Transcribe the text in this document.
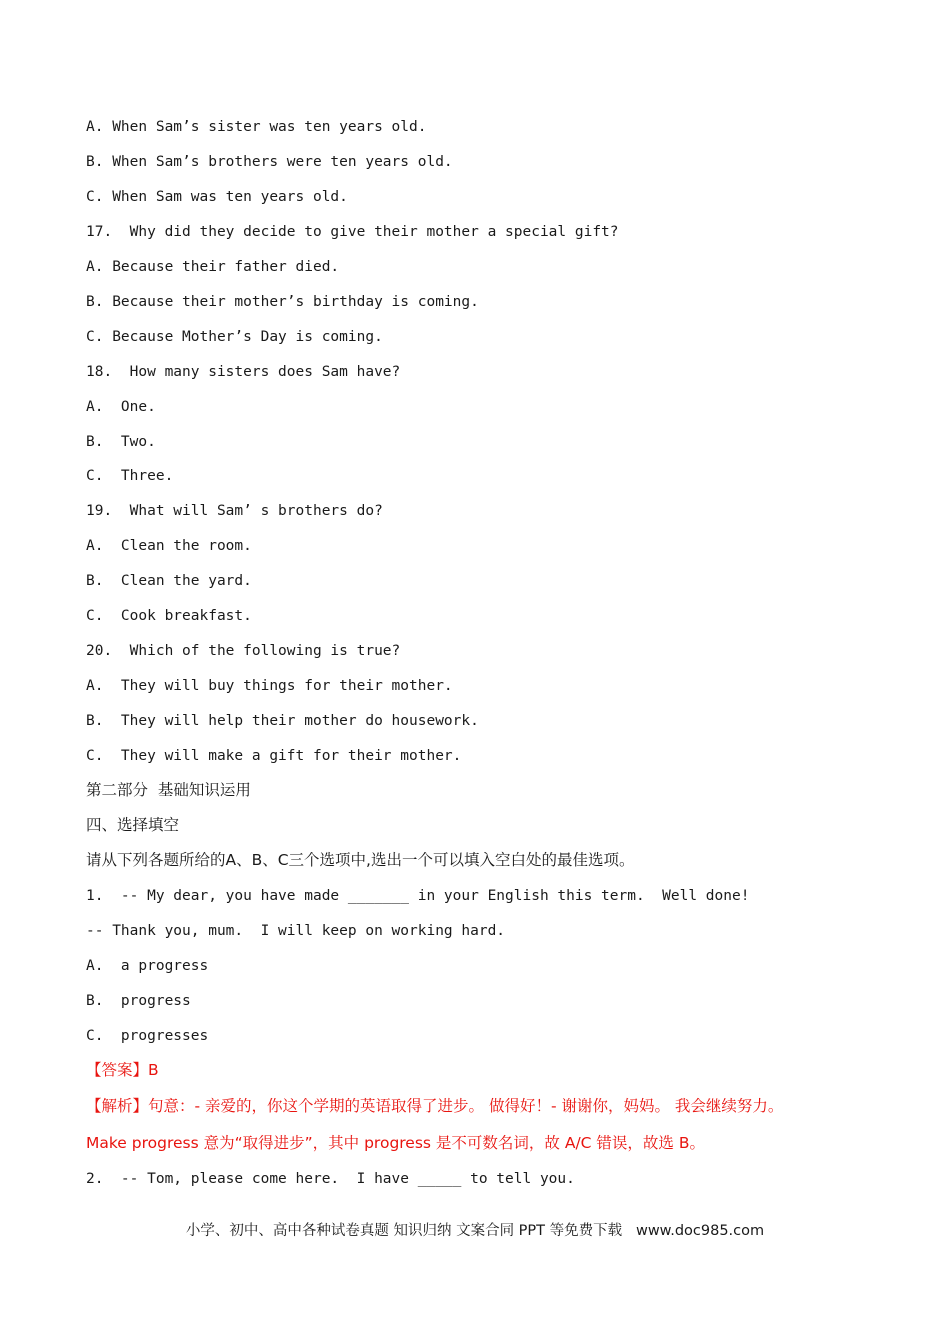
A. When Sam’s sister was ten years old.

B. When Sam’s brothers were ten years old.

C. When Sam was ten years old.

17.  Why did they decide to give their mother a special gift?

A. Because their father died.

B. Because their mother’s birthday is coming.

C. Because Mother’s Day is coming.

18.  How many sisters does Sam have?

A.  One.

B.  Two.

C.  Three.

19.  What will Sam’ s brothers do?

A.  Clean the room.

B.  Clean the yard.

C.  Cook breakfast.

20.  Which of the following is true?

A.  They will buy things for their mother.

B.  They will help their mother do housework.

C.  They will make a gift for their mother.

第二部分  基础知识运用

四、选择填空

请从下列各题所给的A、B、C三个选项中,选出一个可以填入空白处的最佳选项。

1.  -- My dear, you have made _______ in your English this term.  Well done!

-- Thank you, mum.  I will keep on working hard.

A.  a progress

B.  progress

C.  progresses

【答案】B

【解析】句意：- 亲爱的，你这个学期的英语取得了进步。 做得好！- 谢谢你，妈妈。 我会继续努力。

Make progress 意为“取得进步”，其中 progress 是不可数名词，故 A/C 错误，故选 B。

2.  -- Tom, please come here.  I have _____ to tell you.

小学、初中、高中各种试卷真题 知识归纳 文案合同 PPT 等免费下载   www.doc985.com
